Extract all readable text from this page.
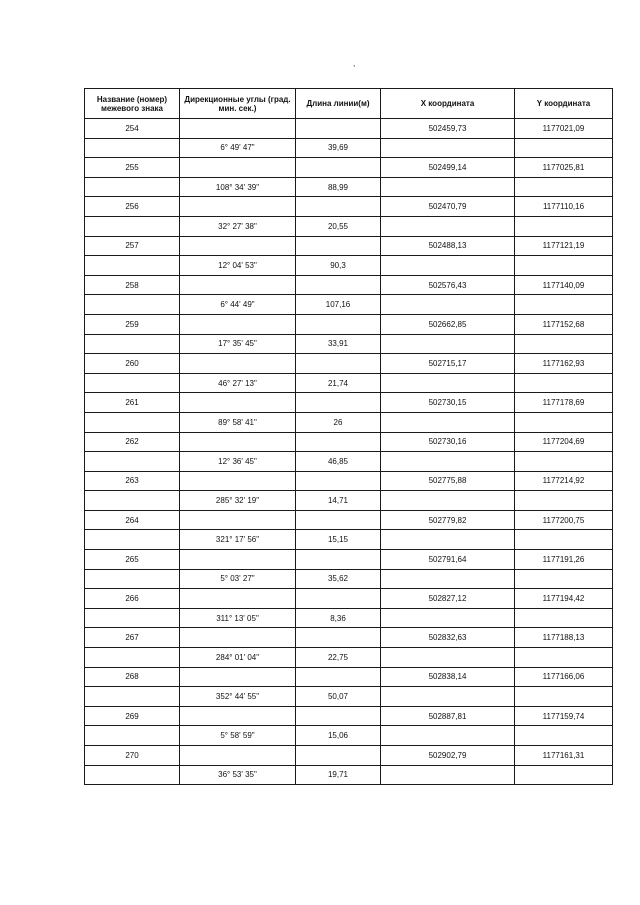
,
Название (номер) межевого знака	Дирекционные углы (град. мин. сек.)	Длина линии(м)	X координата	Y координата
254			502459,73	1177021,09
	6° 49' 47"	39,69		
255			502499,14	1177025,81
	108° 34' 39"	88,99		
256			502470,79	1177110,16
	32° 27' 38"	20,55		
257			502488,13	1177121,19
	12° 04' 53"	90,3		
258			502576,43	1177140,09
	6° 44' 49"	107,16		
259			502662,85	1177152,68
	17° 35' 45"	33,91		
260			502715,17	1177162,93
	46° 27' 13"	21,74		
261			502730,15	1177178,69
	89° 58' 41"	26		
262			502730,16	1177204,69
	12° 36' 45"	46,85		
263			502775,88	1177214,92
	285° 32' 19"	14,71		
264			502779,82	1177200,75
	321° 17' 56"	15,15		
265			502791,64	1177191,26
	5° 03' 27"	35,62		
266			502827,12	1177194,42
	311° 13' 05"	8,36		
267			502832,63	1177188,13
	284° 01' 04"	22,75		
268			502838,14	1177166,06
	352° 44' 55"	50,07		
269			502887,81	1177159,74
	5° 58' 59"	15,06		
270			502902,79	1177161,31
	36° 53' 35"	19,71		
